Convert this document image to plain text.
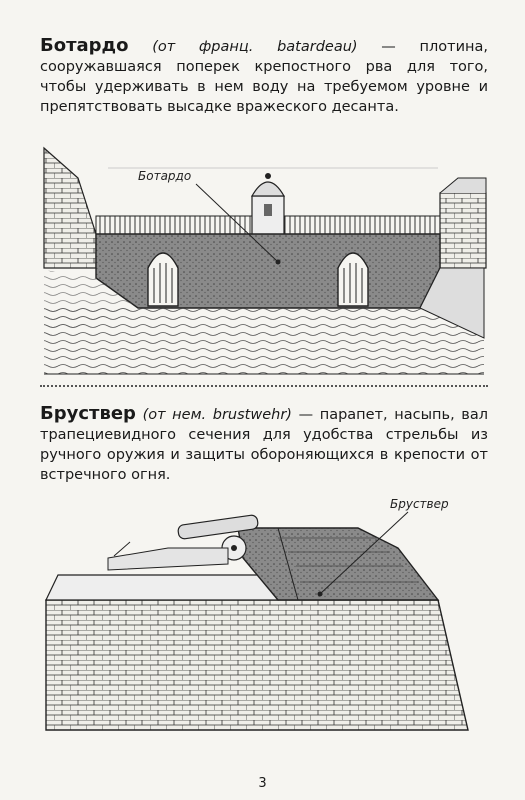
Ботардо (от франц. batardeau) — плотина, сооружавшаяся поперек крепостного рва для того, чтобы удерживать в нем воду на требуемом уровне и препятствовать высадке вражеского десанта.

Ботардо

Бруствер (от нем. brustwehr) — парапет, насыпь, вал трапециевидного сечения для удобства стрельбы из ручного оружия и защиты обороняющихся в крепости от встречного огня.

Бруствер
3
